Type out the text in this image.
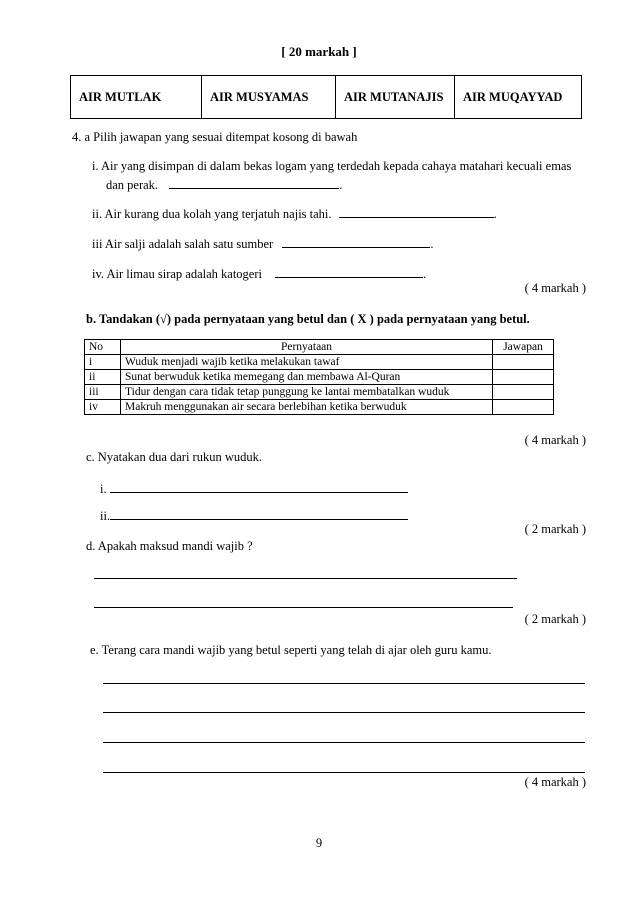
[ 20 markah ]
AIR MUTLAK	AIR MUSYAMAS	AIR MUTANAJIS	AIR MUQAYYAD
4. a Pilih jawapan yang sesuai ditempat kosong di bawah
i. Air yang disimpan di dalam bekas logam yang terdedah kepada cahaya matahari kecuali emas
dan perak.	.
ii. Air kurang dua kolah yang terjatuh najis tahi.	.
iii Air salji adalah salah satu sumber	.
iv. Air limau sirap adalah katogeri	.
( 4 markah )
b. Tandakan (√) pada pernyataan yang betul dan ( X ) pada pernyataan yang betul.
No	Pernyataan	Jawapan
i	Wuduk menjadi wajib ketika melakukan tawaf	
ii	Sunat berwuduk ketika memegang dan membawa Al-Quran	
iii	Tidur dengan cara tidak tetap punggung ke lantai membatalkan wuduk	
iv	Makruh menggunakan air secara berlebihan ketika berwuduk	
( 4 markah )
c. Nyatakan dua dari rukun wuduk.
i.
ii.
( 2 markah )
d. Apakah maksud mandi wajib ?
( 2 markah )
e. Terang cara mandi wajib yang betul seperti yang telah di ajar oleh guru kamu.
( 4 markah )
9
